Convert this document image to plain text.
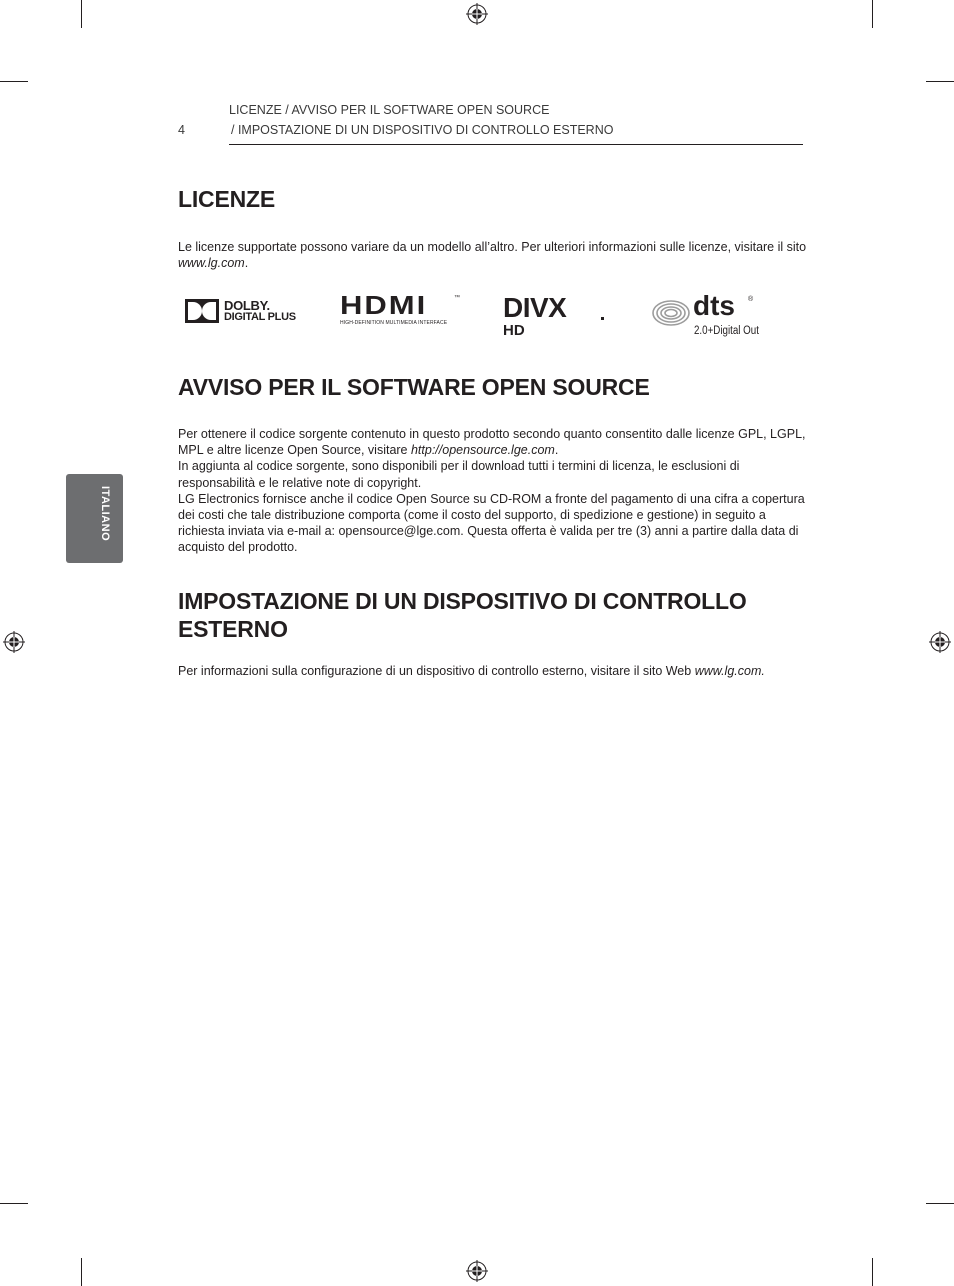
LICENZE / AVVISO PER IL SOFTWARE OPEN SOURCE
4	/ IMPOSTAZIONE DI UN DISPOSITIVO DI CONTROLLO ESTERNO
ITALIANO
LICENZE

Le licenze supportate possono variare da un modello all’altro. Per ulteriori informazioni sulle licenze, visitare il sito www.lg.com.

DOLBY.
DIGITAL PLUS HDMI	™
HIGH-DEFINITION MULTIMEDIA INTERFACE DIVX
HD
dts ®
2.0+Digital Out
AVVISO PER IL SOFTWARE OPEN SOURCE

Per ottenere il codice sorgente contenuto in questo prodotto secondo quanto consentito dalle licenze GPL, LGPL, MPL e altre licenze Open Source, visitare http://opensource.lge.com.

In aggiunta al codice sorgente, sono disponibili per il download tutti i termini di licenza, le esclusioni di responsabilità e le relative note di copyright.

LG Electronics fornisce anche il codice Open Source su CD-ROM a fronte del pagamento di una cifra a copertura dei costi che tale distribuzione comporta (come il costo del supporto, di spedizione e gestione) in seguito a richiesta inviata via e-mail a: opensource@lge.com. Questa offerta è valida per tre (3) anni a partire dalla data di acquisto del prodotto.

IMPOSTAZIONE DI UN DISPOSITIVO DI CONTROLLO ESTERNO

Per informazioni sulla configurazione di un dispositivo di controllo esterno, visitare il sito Web www.lg.com.
